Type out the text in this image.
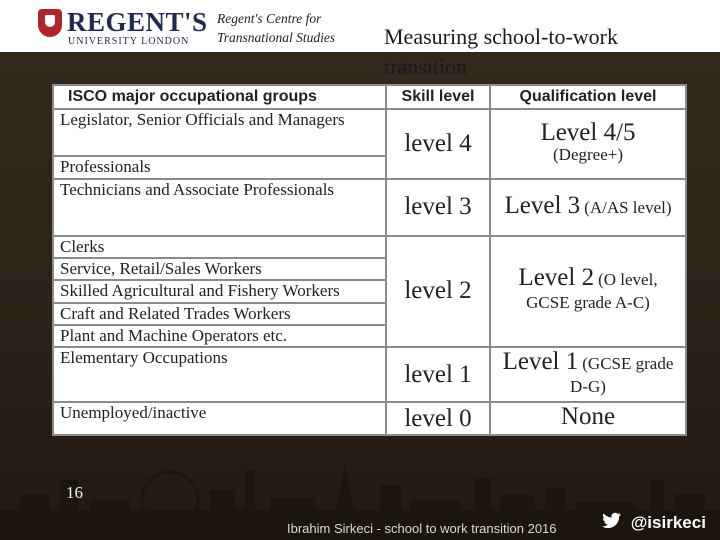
REGENT'S
UNIVERSITY LONDON
Regent's Centre for Transnational Studies	Measuring school-to-work
transition
ISCO major occupational groups	Skill level	Qualification level
Legislator, Senior Officials and Managers	level 4	Level 4/5
(Degree+)

Professionals		
Technicians and Associate Professionals	level 3	Level 3 (A/AS level)
Clerks	level 2	Level 2 (O level, GCSE grade A-C)
Service, Retail/Sales Workers		
Skilled Agricultural and Fishery Workers		
Craft and Related Trades Workers		
Plant and Machine Operators etc.		
Elementary Occupations	level 1	Level 1 (GCSE grade D-G)
Unemployed/inactive	level 0	None
16
Ibrahim Sirkeci - school to work transition 2016	@isirkeci
